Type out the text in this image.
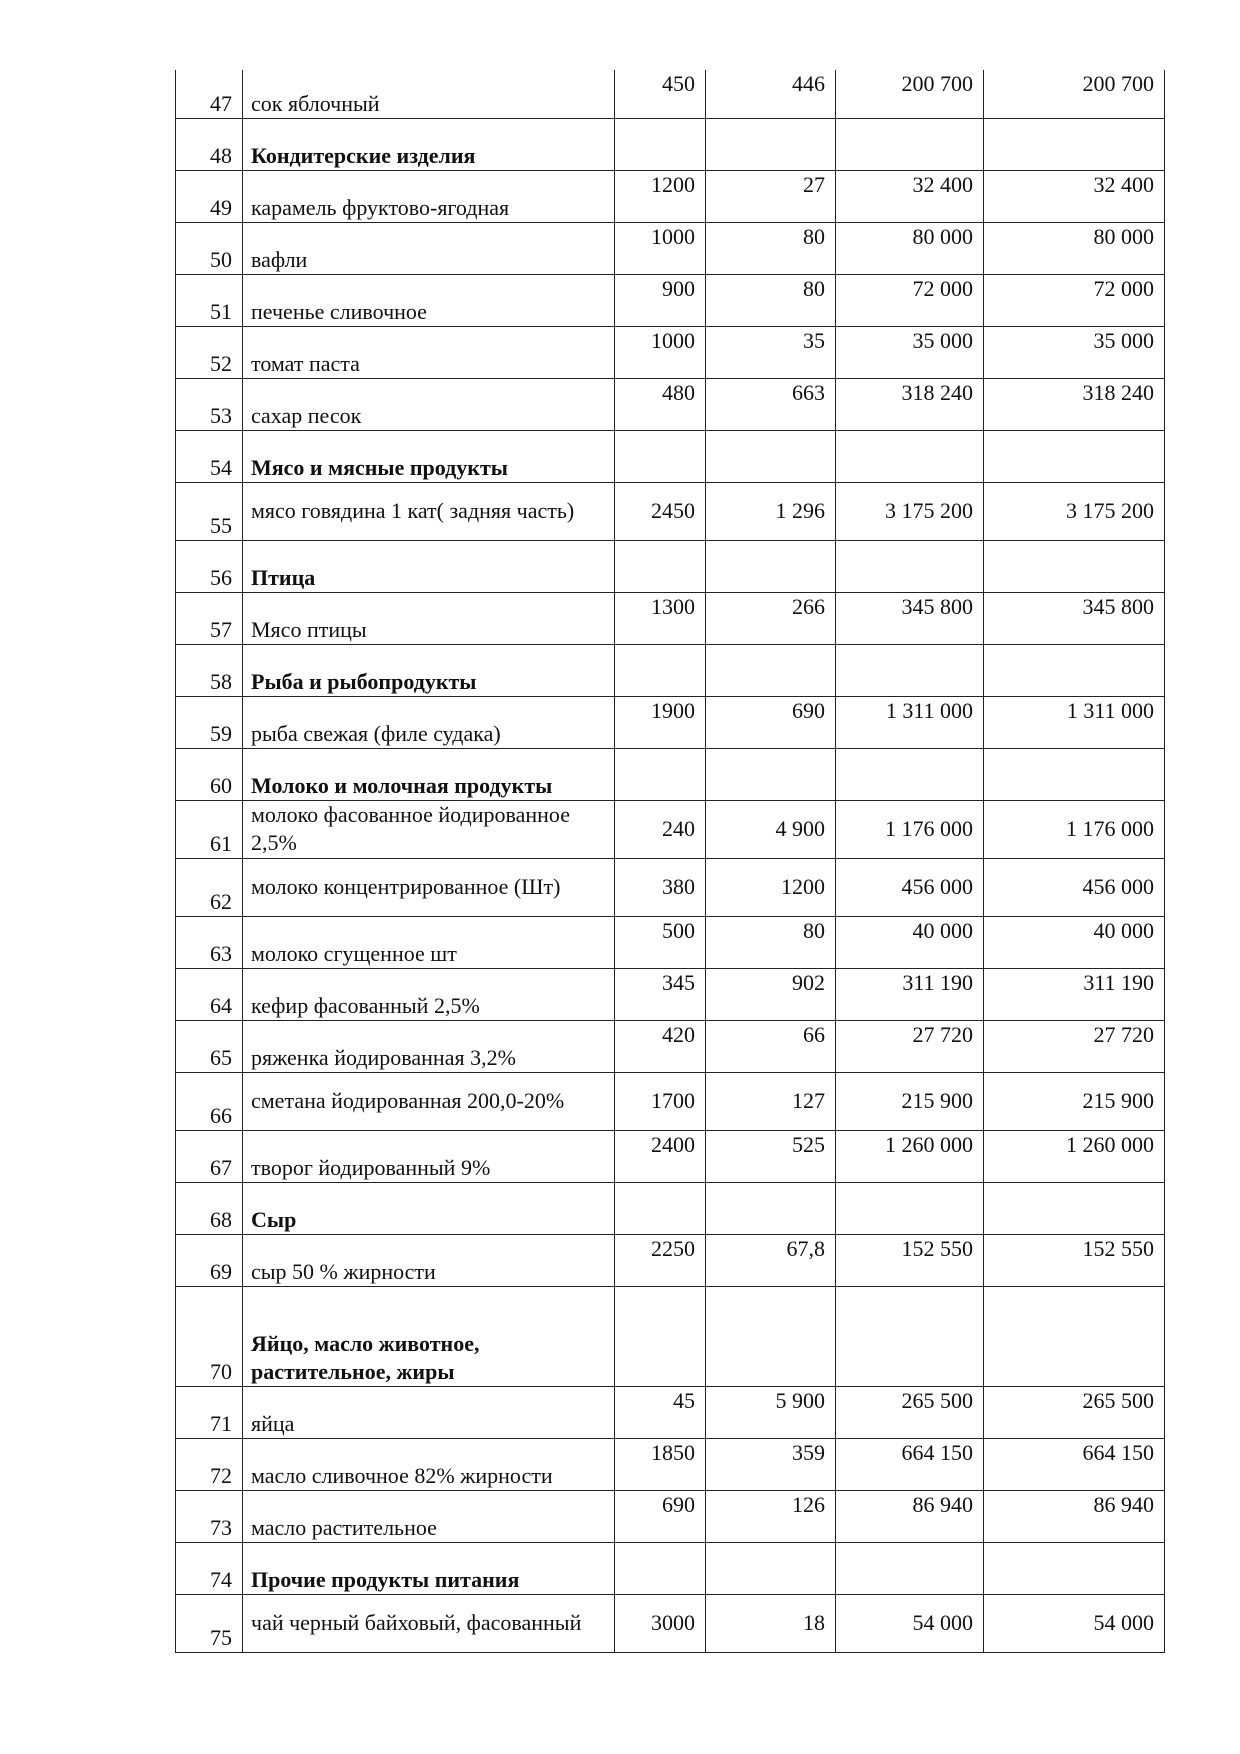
47	сок яблочный	450	446	200 700	200 700
48	Кондитерские изделия				
49	карамель фруктово-ягодная	1200	27	32 400	32 400
50	вафли	1000	80	80 000	80 000
51	печенье сливочное	900	80	72 000	72 000
52	томат паста	1000	35	35 000	35 000
53	сахар песок	480	663	318 240	318 240
54	Мясо и мясные продукты				
55	мясо говядина 1 кат( задняя часть)	2450	1 296	3 175 200	3 175 200
56	Птица				
57	Мясо птицы	1300	266	345 800	345 800
58	Рыба и рыбопродукты				
59	рыба свежая (филе судака)	1900	690	1 311 000	1 311 000
60	Молоко и молочная продукты				
61	молоко фасованное йодированное 2,5%	240	4 900	1 176 000	1 176 000
62	молоко концентрированное (Шт)	380	1200	456 000	456 000
63	молоко сгущенное шт	500	80	40 000	40 000
64	кефир фасованный 2,5%	345	902	311 190	311 190
65	ряженка йодированная 3,2%	420	66	27 720	27 720
66	сметана йодированная 200,0-20%	1700	127	215 900	215 900
67	творог йодированный 9%	2400	525	1 260 000	1 260 000
68	Сыр				
69	сыр 50 % жирности	2250	67,8	152 550	152 550
70	Яйцо, масло животное, растительное, жиры				
71	яйца	45	5 900	265 500	265 500
72	масло сливочное 82% жирности	1850	359	664 150	664 150
73	масло растительное	690	126	86 940	86 940
74	Прочие продукты питания				
75	чай черный байховый, фасованный	3000	18	54 000	54 000
